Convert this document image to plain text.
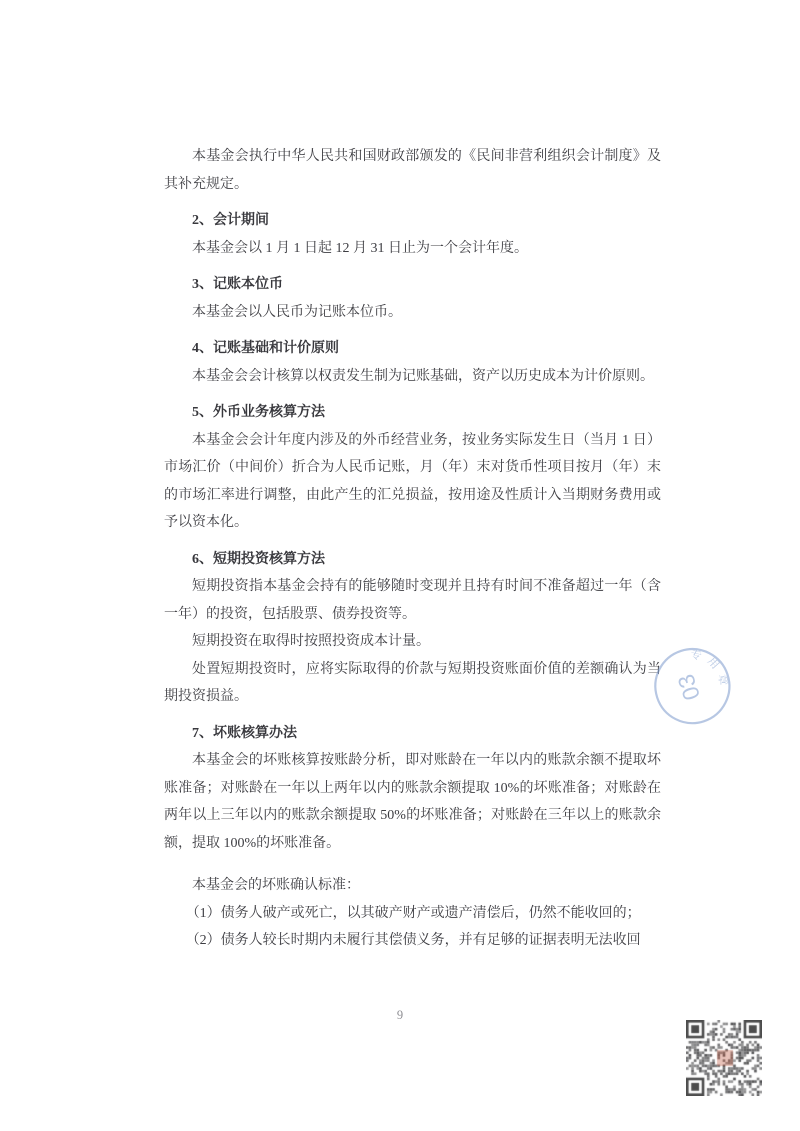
本基金会执行中华人民共和国财政部颁发的《民间非营利组织会计制度》及其补充规定。
2、会计期间
本基金会以 1 月 1 日起 12 月 31 日止为一个会计年度。
3、记账本位币
本基金会以人民币为记账本位币。
4、记账基础和计价原则
本基金会会计核算以权责发生制为记账基础，资产以历史成本为计价原则。
5、外币业务核算方法
本基金会会计年度内涉及的外币经营业务，按业务实际发生日（当月 1 日）市场汇价（中间价）折合为人民币记账，月（年）末对货币性项目按月（年）末的市场汇率进行调整，由此产生的汇兑损益，按用途及性质计入当期财务费用或予以资本化。
6、短期投资核算方法
短期投资指本基金会持有的能够随时变现并且持有时间不准备超过一年（含一年）的投资，包括股票、债券投资等。
短期投资在取得时按照投资成本计量。
处置短期投资时，应将实际取得的价款与短期投资账面价值的差额确认为当期投资损益。
7、坏账核算办法
本基金会的坏账核算按账龄分析，即对账龄在一年以内的账款余额不提取坏账准备；对账龄在一年以上两年以内的账款余额提取 10%的坏账准备；对账龄在两年以上三年以内的账款余额提取 50%的坏账准备；对账龄在三年以上的账款余额，提取 100%的坏账准备。
本基金会的坏账确认标准：
（1）债务人破产或死亡，以其破产财产或遗产清偿后，仍然不能收回的；
（2）债务人较长时期内未履行其偿债义务，并有足够的证据表明无法收回
专用章
03
9
